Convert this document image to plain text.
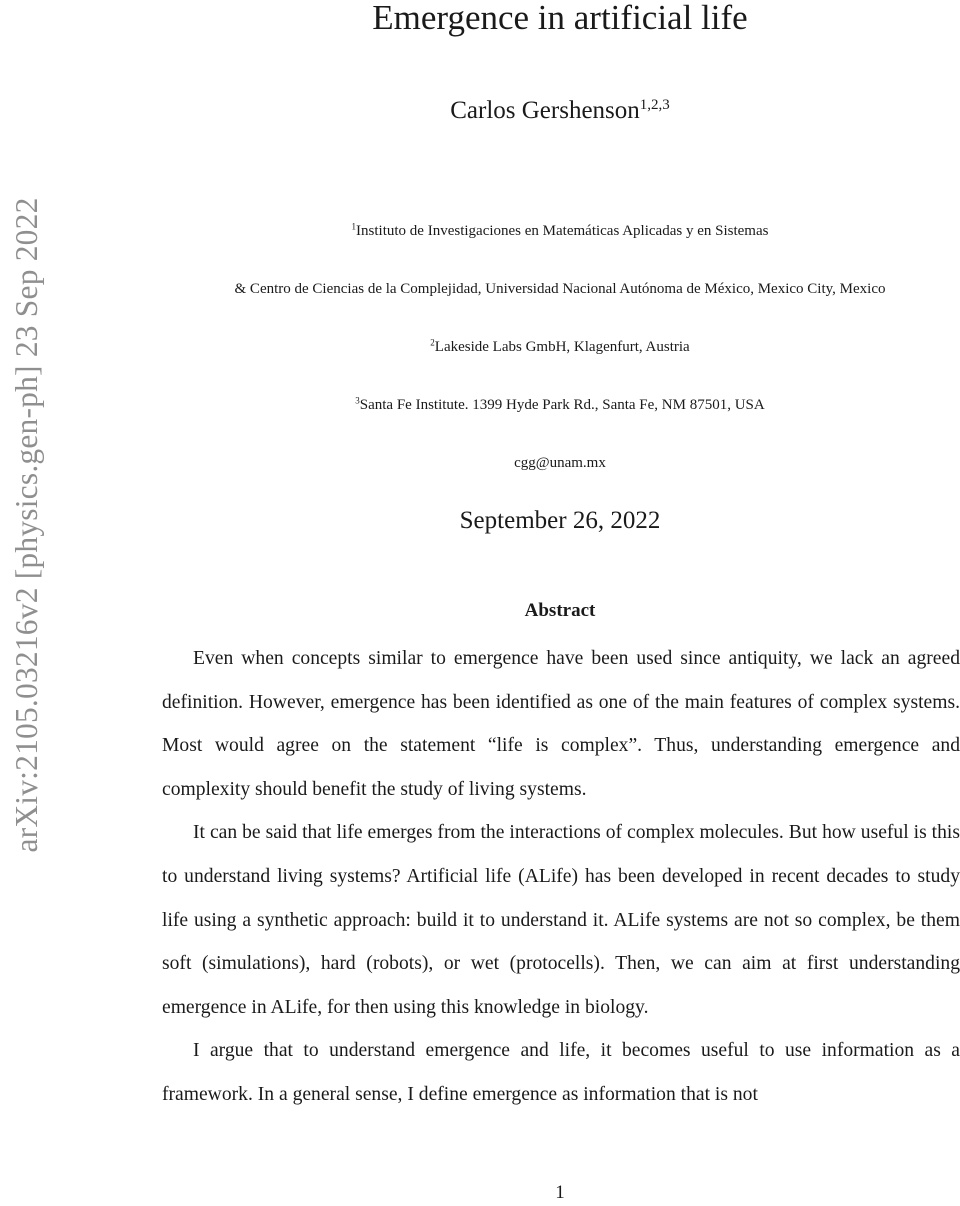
arXiv:2105.03216v2 [physics.gen-ph] 23 Sep 2022
Emergence in artificial life
Carlos Gershenson$^{1,2,3}$
$^1$Instituto de Investigaciones en Matemáticas Aplicadas y en Sistemas
& Centro de Ciencias de la Complejidad, Universidad Nacional Autónoma de México, Mexico City, Mexico
$^2$Lakeside Labs GmbH, Klagenfurt, Austria
$^3$Santa Fe Institute. 1399 Hyde Park Rd., Santa Fe, NM 87501, USA
cgg@unam.mx
September 26, 2022
Abstract

Even when concepts similar to emergence have been used since antiquity, we lack an agreed definition. However, emergence has been identified as one of the main features of complex systems. Most would agree on the statement “life is complex”. Thus, understanding emergence and complexity should benefit the study of living systems.

It can be said that life emerges from the interactions of complex molecules. But how useful is this to understand living systems? Artificial life (ALife) has been developed in recent decades to study life using a synthetic approach: build it to understand it. ALife systems are not so complex, be them soft (simulations), hard (robots), or wet (protocells). Then, we can aim at first understanding emergence in ALife, for then using this knowledge in biology.

I argue that to understand emergence and life, it becomes useful to use information as a framework. In a general sense, I define emergence as information that is not

1
